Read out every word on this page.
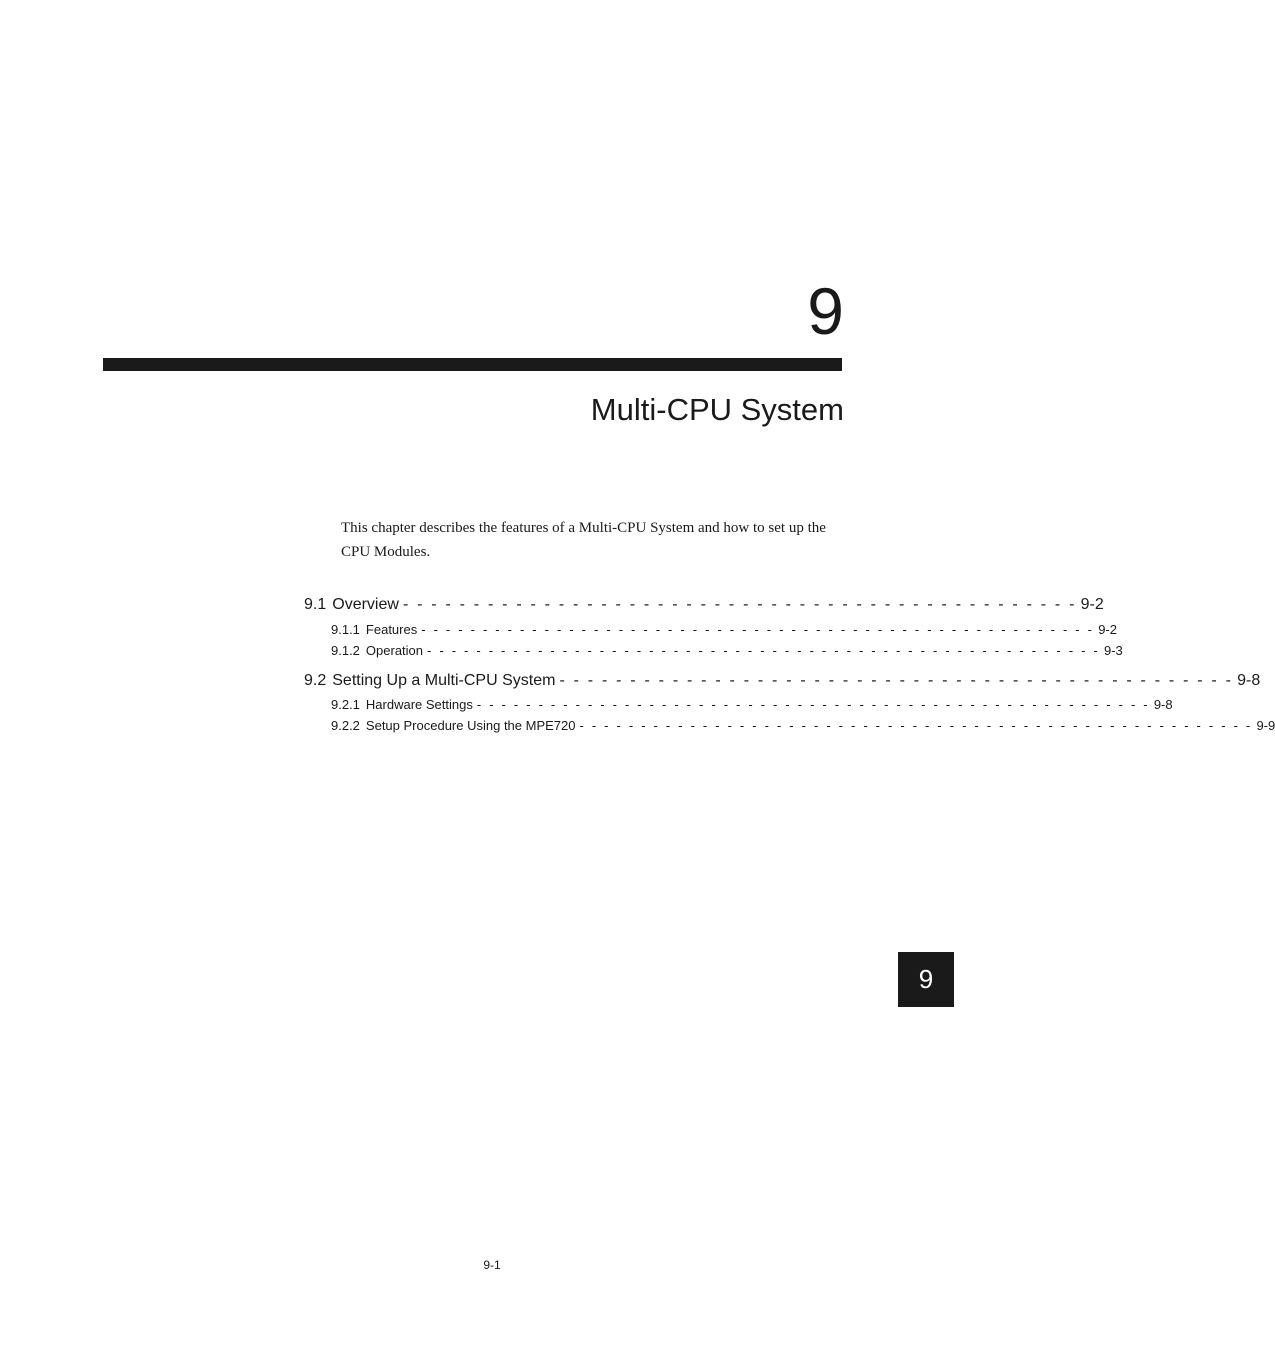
9
Multi-CPU System
This chapter describes the features of a Multi-CPU System and how to set up the CPU Modules.
9.1 Overview - - - - - - - - - - - - - - - - - - - - - - - - - - - - - - - - - - - - - - - - - - - - - - - - 9-2
9.1.1 Features - - - - - - - - - - - - - - - - - - - - - - - - - - - - - - - - - - - - - - - - - - - - - - - - - - - - - - - 9-2
9.1.2 Operation - - - - - - - - - - - - - - - - - - - - - - - - - - - - - - - - - - - - - - - - - - - - - - - - - - - - - - - 9-3
9.2 Setting Up a Multi-CPU System - - - - - - - - - - - - - - - - - - - - - - - - - - - - - - - - - - - - - - - - - - - - - - - - 9-8
9.2.1 Hardware Settings - - - - - - - - - - - - - - - - - - - - - - - - - - - - - - - - - - - - - - - - - - - - - - - - - - - - - - - 9-8
9.2.2 Setup Procedure Using the MPE720 - - - - - - - - - - - - - - - - - - - - - - - - - - - - - - - - - - - - - - - - - - - - - - - - - - - - - - - 9-9
9
9-1
